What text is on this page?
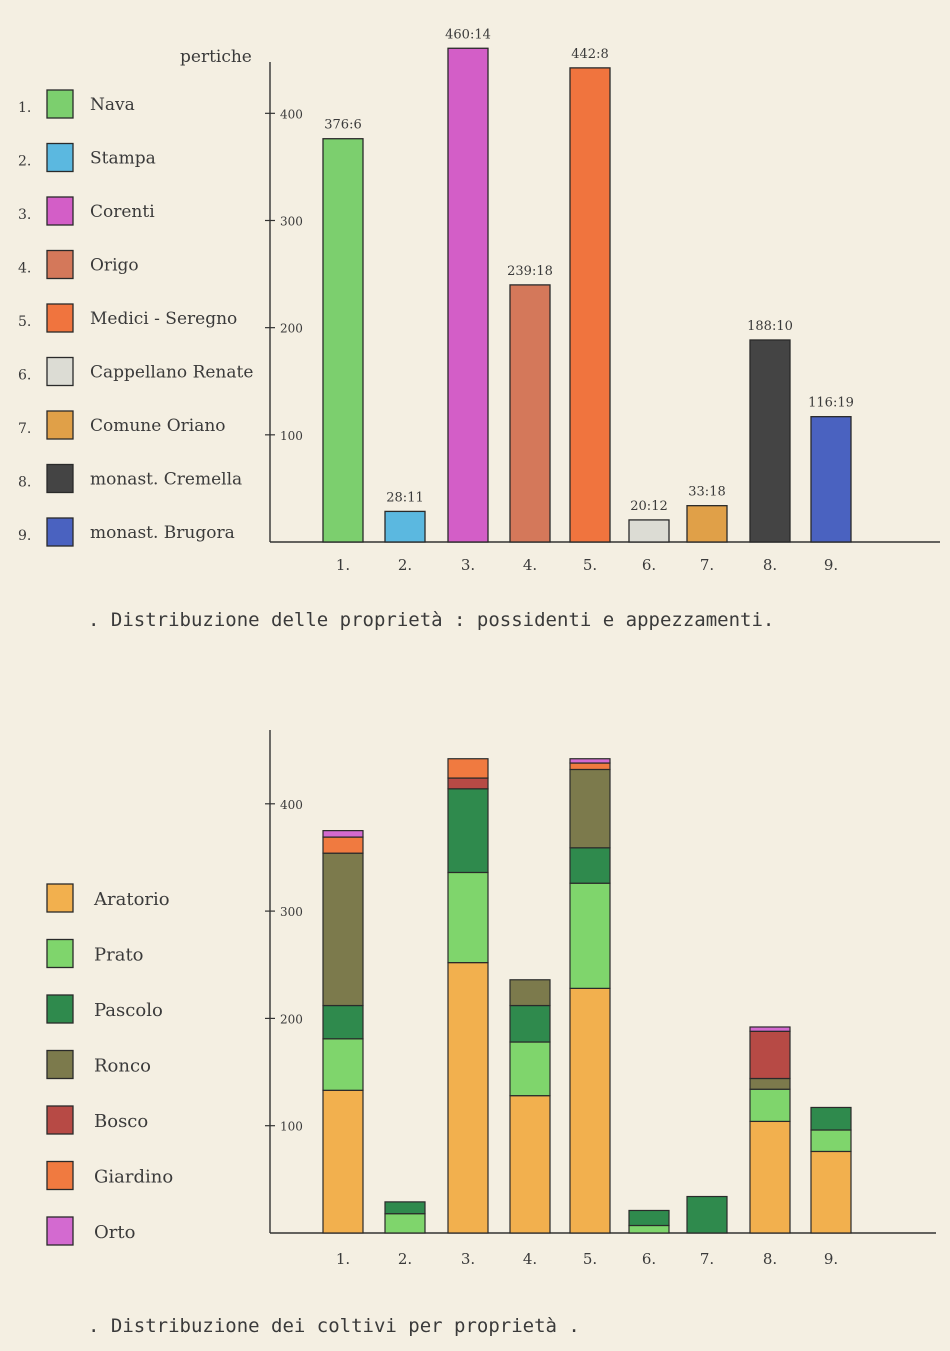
pertiche
1.	Nava
2.	Stampa
3.	Corenti
4.	Origo
5.	Medici - Seregno
6.	Cappellano Renate
7.	Comune Oriano
8.	monast. Cremella
9.	monast. Brugora
100
200
300
400
376:6
28:11
460:14
239:18
442:8
20:12
33:18
188:10
116:19
1.	2.	3.	4.	5.	6.	7.	8.	9.
. Distribuzione delle proprietà : possidenti e appezzamenti.
Aratorio
Prato
Pascolo
Ronco
Bosco
Giardino
Orto
100
200
300
400
1.	2.	3.	4.	5.	6.	7.	8.	9.
. Distribuzione dei coltivi per proprietà .
